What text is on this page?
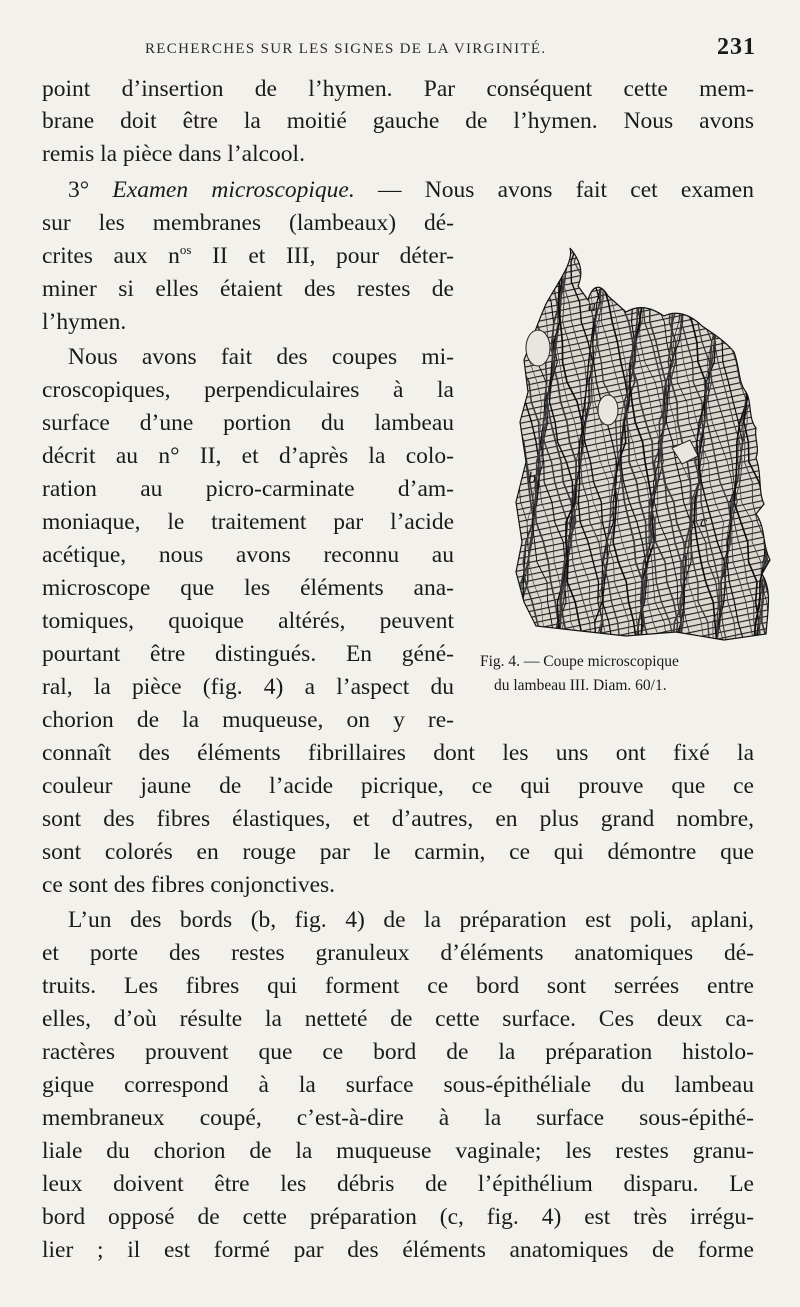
RECHERCHES SUR LES SIGNES DE LA VIRGINITÉ.	231
point d’insertion de l’hymen. Par conséquent cette mem-
brane doit être la moitié gauche de l’hymen. Nous avons
remis la pièce dans l’alcool.
3° Examen microscopique. — Nous avons fait cet examen
sur les membranes (lambeaux) dé-
crites aux $n^{os}$ II et III, pour déter-
miner si elles étaient des restes de
l’hymen.
Nous avons fait des coupes mi-
croscopiques, perpendiculaires à la
surface d’une portion du lambeau
décrit au n° II, et d’après la colo-
ration au picro-carminate d’am-
moniaque, le traitement par l’acide
acétique, nous avons reconnu au
microscope que les éléments ana-
tomiques, quoique altérés, peuvent
pourtant être distingués. En géné-
ral, la pièce (fig. 4) a l’aspect du
chorion de la muqueuse, on y re-
connaît des éléments fibrillaires dont les uns ont fixé la
couleur jaune de l’acide picrique, ce qui prouve que ce
sont des fibres élastiques, et d’autres, en plus grand nombre,
sont colorés en rouge par le carmin, ce qui démontre que
ce sont des fibres conjonctives.
L’un des bords (b, fig. 4) de la préparation est poli, aplani,
et porte des restes granuleux d’éléments anatomiques dé-
truits. Les fibres qui forment ce bord sont serrées entre
elles, d’où résulte la netteté de cette surface. Ces deux ca-
ractères prouvent que ce bord de la préparation histolo-
gique correspond à la surface sous-épithéliale du lambeau
membraneux coupé, c’est-à-dire à la surface sous-épithé-
liale du chorion de la muqueuse vaginale; les restes granu-
leux doivent être les débris de l’épithélium disparu. Le
bord opposé de cette préparation (c, fig. 4) est très irrégu-
lier ; il est formé par des éléments anatomiques de forme
a
b
c
Fig. 4. — Coupe microscopique
du lambeau III. Diam. 60/1.
